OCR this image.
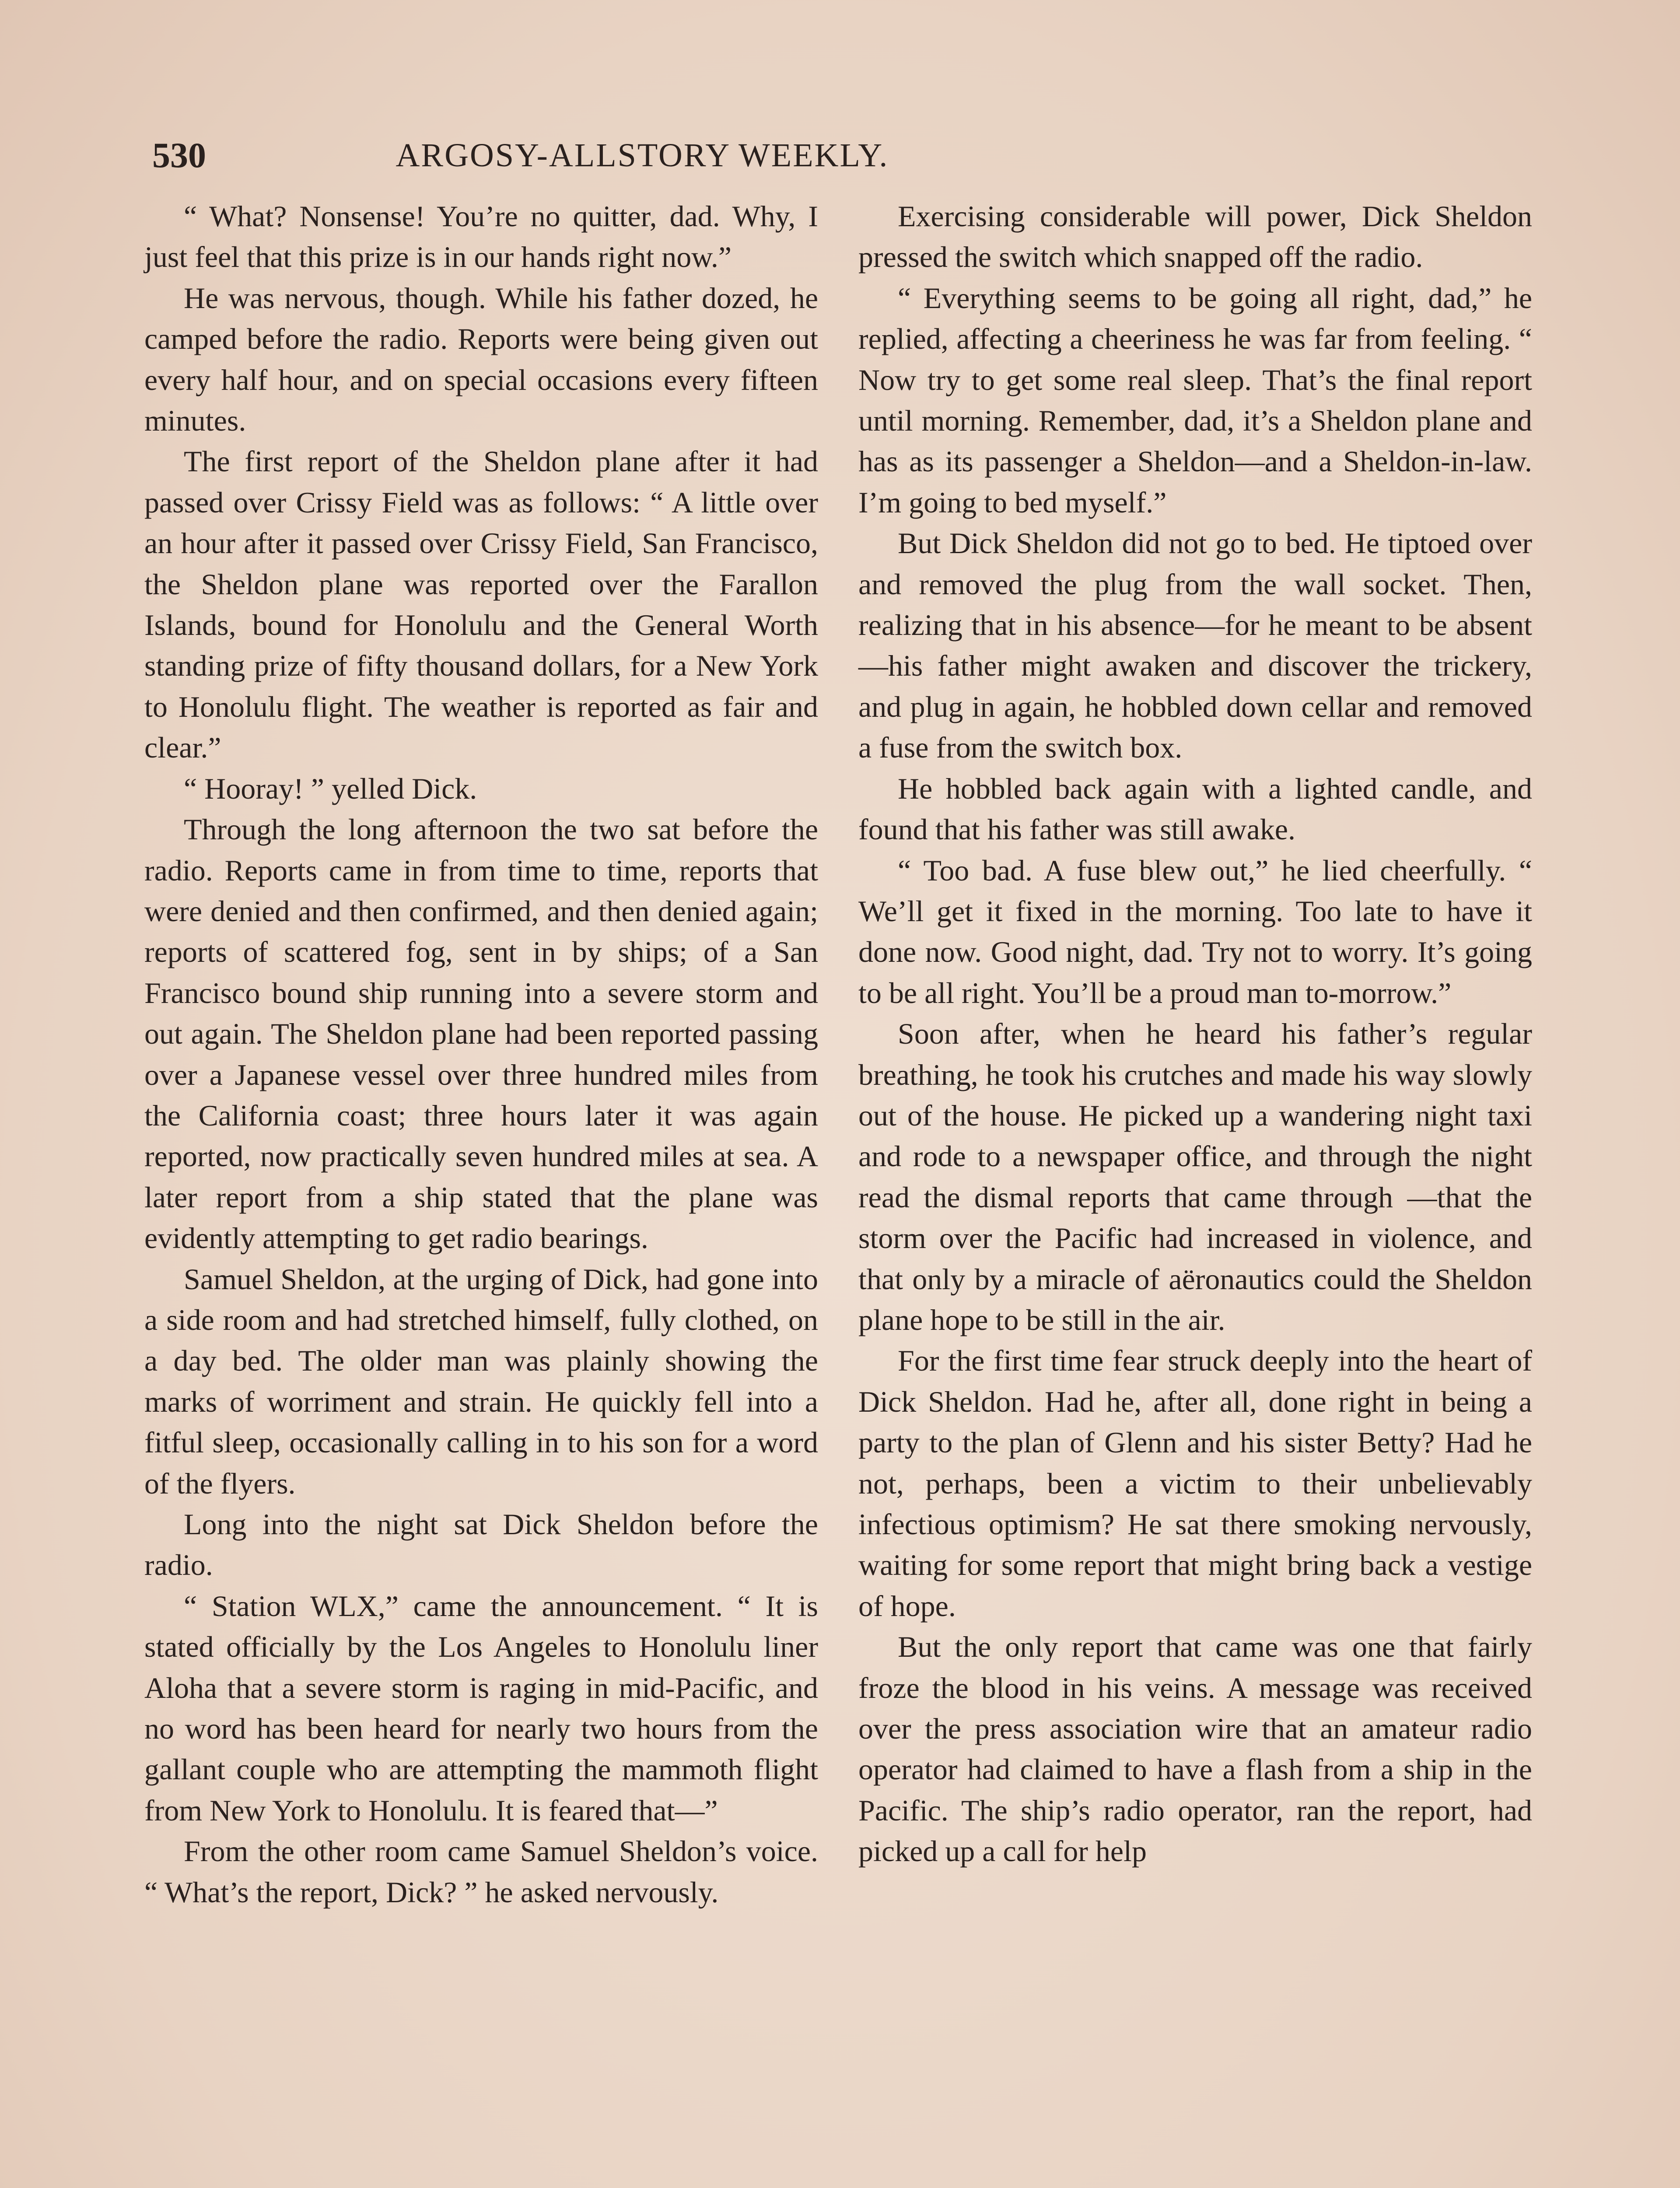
530	ARGOSY-ALLSTORY WEEKLY.

“ What? Nonsense! You’re no quitter, dad. Why, I just feel that this prize is in our hands right now.”

He was nervous, though. While his father dozed, he camped before the radio. Reports were being given out every half hour, and on special occasions every fifteen minutes.

The first report of the Sheldon plane after it had passed over Crissy Field was as follows: “ A little over an hour after it passed over Crissy Field, San Francisco, the Sheldon plane was reported over the Farallon Islands, bound for Honolulu and the General Worth standing prize of fifty thousand dollars, for a New York to Honolulu flight. The weather is reported as fair and clear.”

“ Hooray! ” yelled Dick.

Through the long afternoon the two sat before the radio. Reports came in from time to time, reports that were denied and then confirmed, and then denied again; reports of scattered fog, sent in by ships; of a San Francisco bound ship running into a severe storm and out again. The Sheldon plane had been reported passing over a Japanese vessel over three hundred miles from the California coast; three hours later it was again reported, now practically seven hundred miles at sea. A later report from a ship stated that the plane was evidently attempting to get radio bearings.

Samuel Sheldon, at the urging of Dick, had gone into a side room and had stretched himself, fully clothed, on a day bed. The older man was plainly showing the marks of worriment and strain. He quickly fell into a fitful sleep, occasionally calling in to his son for a word of the flyers.

Long into the night sat Dick Sheldon before the radio.

“ Station WLX,” came the announcement. “ It is stated officially by the Los Angeles to Honolulu liner Aloha that a severe storm is raging in mid-Pacific, and no word has been heard for nearly two hours from the gallant couple who are attempting the mammoth flight from New York to Honolulu. It is feared that—”

From the other room came Samuel Sheldon’s voice. “ What’s the report, Dick? ” he asked nervously.

Exercising considerable will power, Dick Sheldon pressed the switch which snapped off the radio.

“ Everything seems to be going all right, dad,” he replied, affecting a cheeriness he was far from feeling. “ Now try to get some real sleep. That’s the final report until morning. Remember, dad, it’s a Sheldon plane and has as its passenger a Sheldon—and a Sheldon-in-law. I’m going to bed myself.”

But Dick Sheldon did not go to bed. He tiptoed over and removed the plug from the wall socket. Then, realizing that in his absence—for he meant to be absent—his father might awaken and discover the trickery, and plug in again, he hobbled down cellar and removed a fuse from the switch box.

He hobbled back again with a lighted candle, and found that his father was still awake.

“ Too bad. A fuse blew out,” he lied cheerfully. “ We’ll get it fixed in the morning. Too late to have it done now. Good night, dad. Try not to worry. It’s going to be all right. You’ll be a proud man to-morrow.”

Soon after, when he heard his father’s regular breathing, he took his crutches and made his way slowly out of the house. He picked up a wandering night taxi and rode to a newspaper office, and through the night read the dismal reports that came through —that the storm over the Pacific had increased in violence, and that only by a miracle of aëronautics could the Sheldon plane hope to be still in the air.

For the first time fear struck deeply into the heart of Dick Sheldon. Had he, after all, done right in being a party to the plan of Glenn and his sister Betty? Had he not, perhaps, been a victim to their unbelievably infectious optimism? He sat there smoking nervously, waiting for some report that might bring back a vestige of hope.

But the only report that came was one that fairly froze the blood in his veins. A message was received over the press association wire that an amateur radio operator had claimed to have a flash from a ship in the Pacific. The ship’s radio operator, ran the report, had picked up a call for help
